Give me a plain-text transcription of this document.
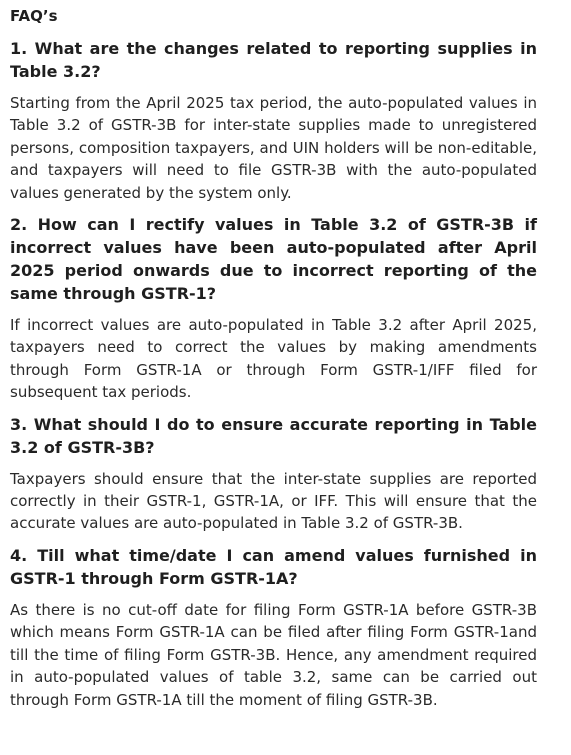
FAQ’s
1. What are the changes related to reporting supplies in Table 3.2?
Starting from the April 2025 tax period, the auto-populated values in Table 3.2 of GSTR-3B for inter-state supplies made to unregistered persons, composition taxpayers, and UIN holders will be non-editable, and taxpayers will need to file GSTR-3B with the auto-populated values generated by the system only.
2. How can I rectify values in Table 3.2 of GSTR-3B if incorrect values have been auto-populated after April 2025 period onwards due to incorrect reporting of the same through GSTR-1?
If incorrect values are auto-populated in Table 3.2 after April 2025, taxpayers need to correct the values by making amendments through Form GSTR-1A or through Form GSTR-1/IFF filed for subsequent tax periods.
3. What should I do to ensure accurate reporting in Table 3.2 of GSTR-3B?
Taxpayers should ensure that the inter-state supplies are reported correctly in their GSTR-1, GSTR-1A, or IFF. This will ensure that the accurate values are auto-populated in Table 3.2 of GSTR-3B.
4. Till what time/date I can amend values furnished in GSTR-1 through Form GSTR-1A?
As there is no cut-off date for filing Form GSTR-1A before GSTR-3B which means Form GSTR-1A can be filed after filing Form GSTR-1and till the time of filing Form GSTR-3B. Hence, any amendment required in auto-populated values of table 3.2, same can be carried out through Form GSTR-1A till the moment of filing GSTR-3B.
